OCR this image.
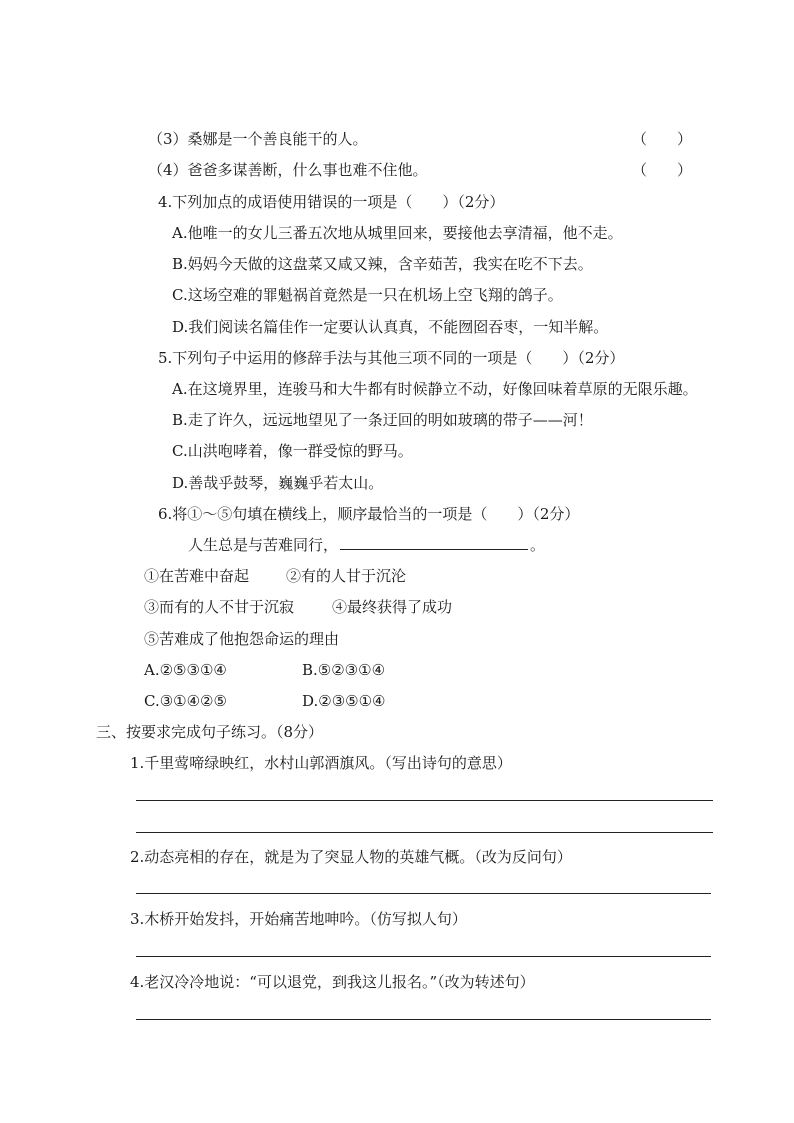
（3）桑娜是一个善良能干的人。	（　　）
（4）爸爸多谋善断，什么事也难不住他。	（　　）
4.下列加点的成语使用错误的一项是（　　）（2分）
A.他唯一的女儿三番五次地从城里回来，要接他去享清福，他不走。
B.妈妈今天做的这盘菜又咸又辣，含辛茹苦，我实在吃不下去。
C.这场空难的罪魁祸首竟然是一只在机场上空飞翔的鸽子。
D.我们阅读名篇佳作一定要认认真真，不能囫囵吞枣，一知半解。
5.下列句子中运用的修辞手法与其他三项不同的一项是（　　）（2分）
A.在这境界里，连骏马和大牛都有时候静立不动，好像回味着草原的无限乐趣。
B.走了许久，远远地望见了一条迂回的明如玻璃的带子——河！
C.山洪咆哮着，像一群受惊的野马。
D.善哉乎鼓琴，巍巍乎若太山。
6.将①～⑤句填在横线上，顺序最恰当的一项是（　　）（2分）
人生总是与苦难同行，	。
①在苦难中奋起 ②有的人甘于沉沦
③而有的人不甘于沉寂	④最终获得了成功
⑤苦难成了他抱怨命运的理由
A.②⑤③①④	B.⑤②③①④
C.③①④②⑤	D.②③⑤①④
三、按要求完成句子练习。（8分）
1.千里莺啼绿映红，水村山郭酒旗风。（写出诗句的意思）
2.动态亮相的存在，就是为了突显人物的英雄气概。（改为反问句）
3.木桥开始发抖，开始痛苦地呻吟。（仿写拟人句）
4.老汉冷冷地说：“可以退党，到我这儿报名。”（改为转述句）
